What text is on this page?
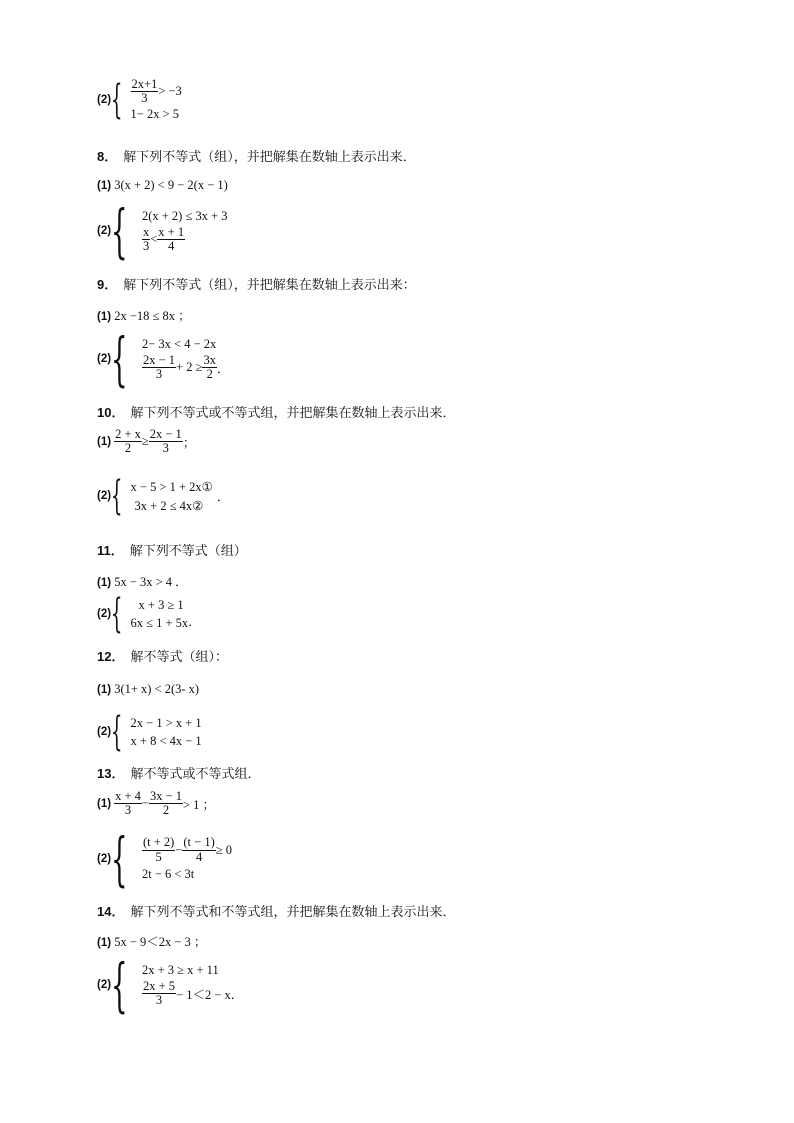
(2) { $\frac{2x+1}{3} > -3$
1− 2x > 5
8． 解下列不等式（组），并把解集在数轴上表示出来．
(1) 3(x + 2) < 9 − 2(x − 1)
(2) { 2(x + 2) ≤ 3x + 3
$\frac{x}{3} < \frac{x + 1}{4}$
9． 解下列不等式（组），并把解集在数轴上表示出来：
(1) 2x −18 ≤ 8x ；
(2) { 2− 3x < 4 − 2x
$\frac{2x - 1}{3} + 2 \ge \frac{3x}{2}$ ．
10． 解下列不等式或不等式组，并把解集在数轴上表示出来．
$(1) \frac{2 + x}{2} \ge \frac{2x - 1}{3}$ ；
(2) { x − 5 > 1 + 2x①
3x + 2 ≤ 4x②
．
11． 解下列不等式（组）
(1) 5x − 3x > 4 ．
(2) {	x + 3 ≥ 1
6x ≤ 1 + 5x ．
12． 解不等式（组）：
(1) 3(1+ x) < 2(3- x)
(2) { 2x − 1 > x + 1
x + 8 < 4x − 1
13． 解不等式或不等式组．
$(1) \frac{x + 4}{3} - \frac{3x - 1}{2} > 1$ ；
(2) { $\frac{(t + 2)}{5} - \frac{(t - 1)}{4} \ge 0$
2t − 6 < 3t
14． 解下列不等式和不等式组，并把解集在数轴上表示出来．
(1) 5x − 9＜2x − 3 ；
(2) { 2x + 3 ≥ x + 11
$\frac{2x + 5}{3} - 1<2 - x$ ．
